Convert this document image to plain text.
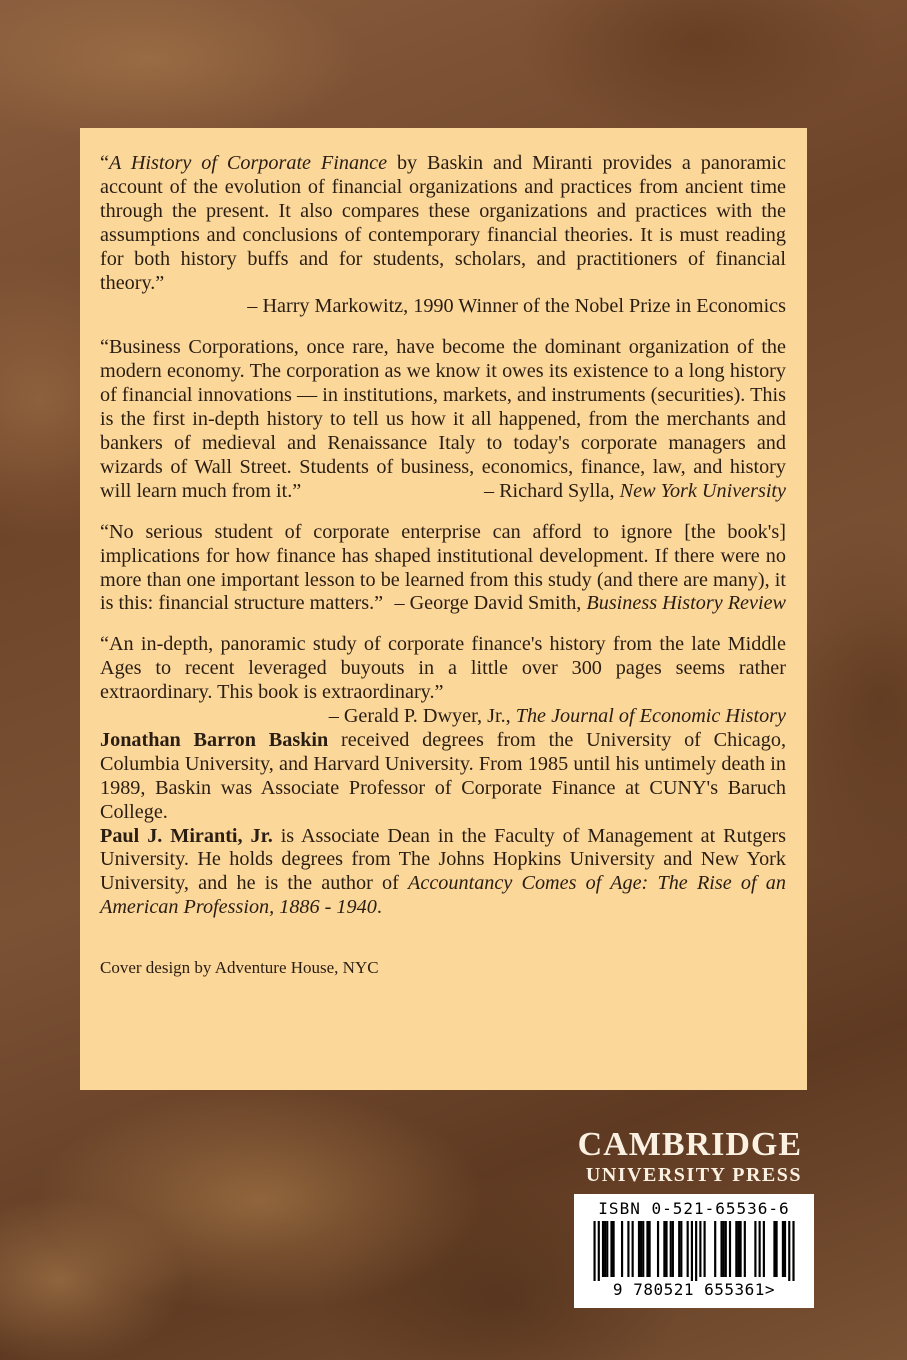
“A History of Corporate Finance by Baskin and Miranti provides a panoramic account of the evolution of financial organizations and practices from ancient time through the present. It also compares these organizations and practices with the assumptions and conclusions of contemporary financial theories. It is must reading for both history buffs and for students, scholars, and practitioners of financial theory.”

– Harry Markowitz, 1990 Winner of the Nobel Prize in Economics

“Business Corporations, once rare, have become the dominant organization of the modern economy. The corporation as we know it owes its existence to a long history of financial innovations — in institutions, markets, and instruments (securities). This is the first in-depth history to tell us how it all happened, from the merchants and bankers of medieval and Renaissance Italy to today's corporate managers and wizards of Wall Street. Students of business, economics, finance, law, and history will learn much from it.”	– Richard Sylla, New York University

“No serious student of corporate enterprise can afford to ignore [the book's] implications for how finance has shaped institutional development. If there were no more than one important lesson to be learned from this study (and there are many), it is this: financial structure matters.” – George David Smith, Business History Review

“An in-depth, panoramic study of corporate finance's history from the late Middle Ages to recent leveraged buyouts in a little over 300 pages seems rather extraordinary. This book is extraordinary.”

– Gerald P. Dwyer, Jr., The Journal of Economic History

Jonathan Barron Baskin received degrees from the University of Chicago, Columbia University, and Harvard University. From 1985 until his untimely death in 1989, Baskin was Associate Professor of Corporate Finance at CUNY's Baruch College.

Paul J. Miranti, Jr. is Associate Dean in the Faculty of Management at Rutgers University. He holds degrees from The Johns Hopkins University and New York University, and he is the author of Accountancy Comes of Age: The Rise of an American Profession, 1886 - 1940.

Cover design by Adventure House, NYC

CAMBRIDGE
UNIVERSITY PRESS
ISBN 0-521-65536-6
9 780521 655361>
